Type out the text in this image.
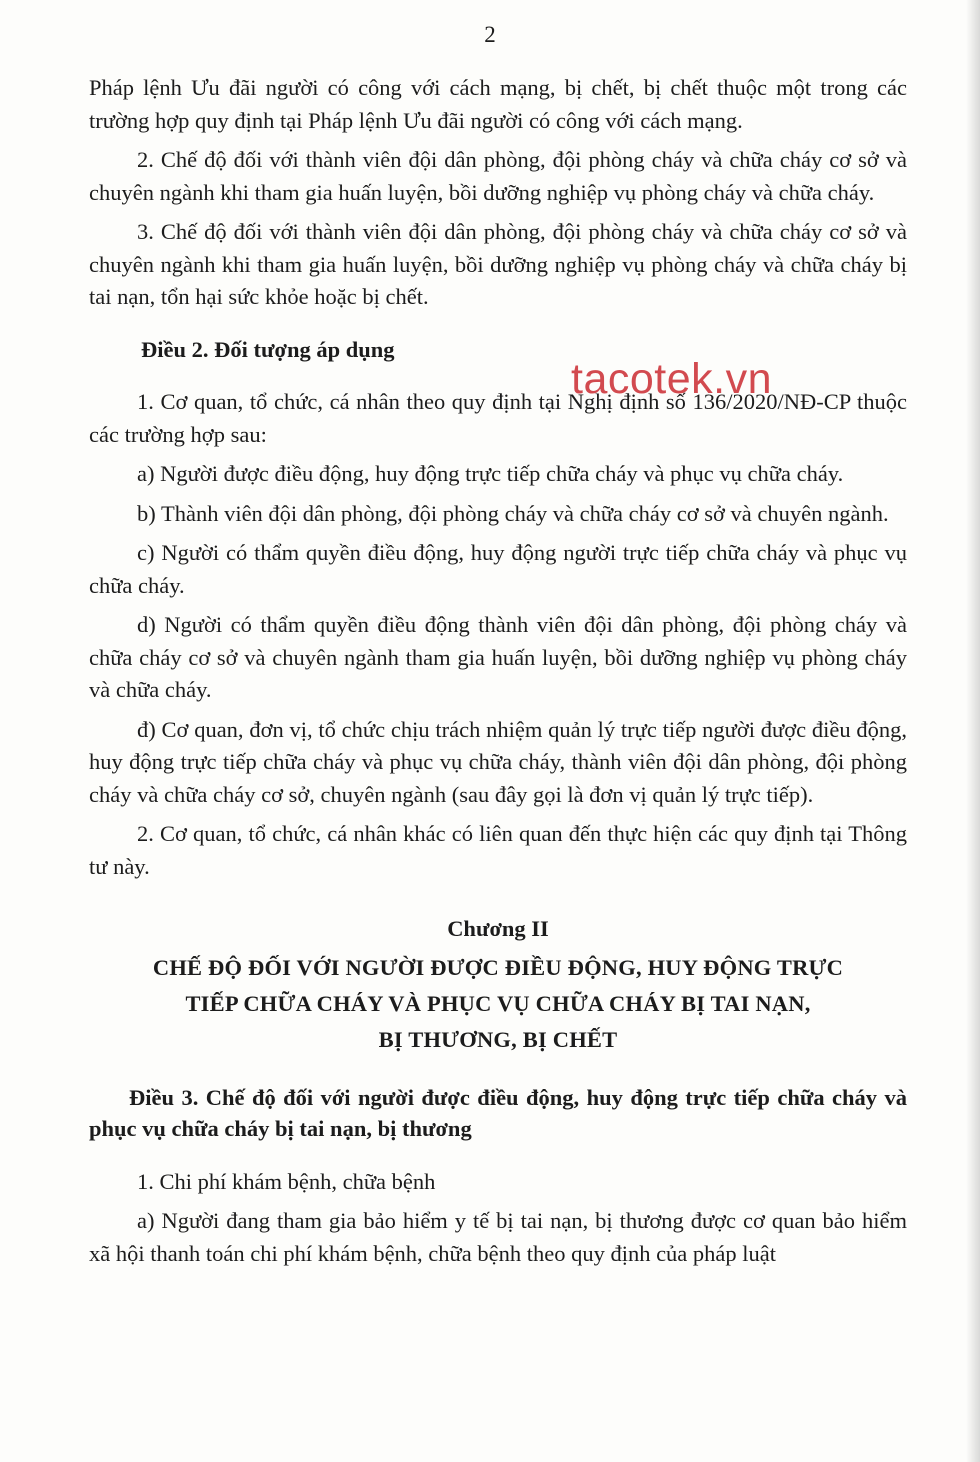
2
tacotek.vn

Pháp lệnh Ưu đãi người có công với cách mạng, bị chết, bị chết thuộc một trong các trường hợp quy định tại Pháp lệnh Ưu đãi người có công với cách mạng.

2. Chế độ đối với thành viên đội dân phòng, đội phòng cháy và chữa cháy cơ sở và chuyên ngành khi tham gia huấn luyện, bồi dưỡng nghiệp vụ phòng cháy và chữa cháy.

3. Chế độ đối với thành viên đội dân phòng, đội phòng cháy và chữa cháy cơ sở và chuyên ngành khi tham gia huấn luyện, bồi dưỡng nghiệp vụ phòng cháy và chữa cháy bị tai nạn, tổn hại sức khỏe hoặc bị chết.

Điều 2. Đối tượng áp dụng

1. Cơ quan, tổ chức, cá nhân theo quy định tại Nghị định số 136/2020/NĐ-CP thuộc các trường hợp sau:

a) Người được điều động, huy động trực tiếp chữa cháy và phục vụ chữa cháy.

b) Thành viên đội dân phòng, đội phòng cháy và chữa cháy cơ sở và chuyên ngành.

c) Người có thẩm quyền điều động, huy động người trực tiếp chữa cháy và phục vụ chữa cháy.

d) Người có thẩm quyền điều động thành viên đội dân phòng, đội phòng cháy và chữa cháy cơ sở và chuyên ngành tham gia huấn luyện, bồi dưỡng nghiệp vụ phòng cháy và chữa cháy.

đ) Cơ quan, đơn vị, tổ chức chịu trách nhiệm quản lý trực tiếp người được điều động, huy động trực tiếp chữa cháy và phục vụ chữa cháy, thành viên đội dân phòng, đội phòng cháy và chữa cháy cơ sở, chuyên ngành (sau đây gọi là đơn vị quản lý trực tiếp).

2. Cơ quan, tổ chức, cá nhân khác có liên quan đến thực hiện các quy định tại Thông tư này.

Chương II
CHẾ ĐỘ ĐỐI VỚI NGƯỜI ĐƯỢC ĐIỀU ĐỘNG, HUY ĐỘNG TRỰC
TIẾP CHỮA CHÁY VÀ PHỤC VỤ CHỮA CHÁY BỊ TAI NẠN,
BỊ THƯƠNG, BỊ CHẾT
Điều 3. Chế độ đối với người được điều động, huy động trực tiếp chữa cháy và phục vụ chữa cháy bị tai nạn, bị thương

1. Chi phí khám bệnh, chữa bệnh

a) Người đang tham gia bảo hiểm y tế bị tai nạn, bị thương được cơ quan bảo hiểm xã hội thanh toán chi phí khám bệnh, chữa bệnh theo quy định của pháp luật
